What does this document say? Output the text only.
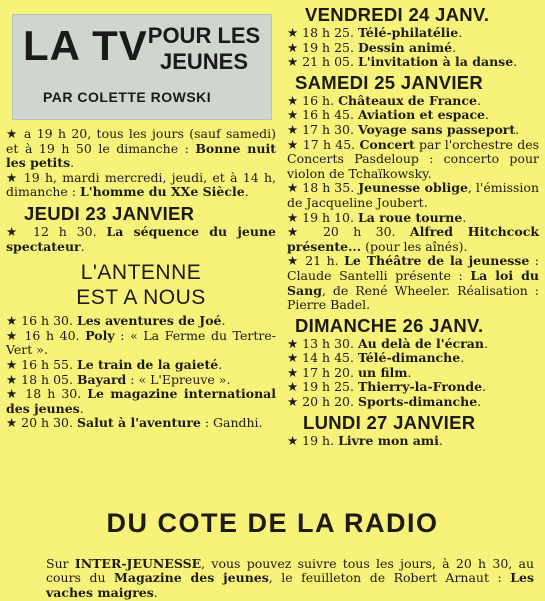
LA TV POUR LES
JEUNES
PAR COLETTE ROWSKI

★ a 19 h 20, tous les jours (sauf samedi) et à 19 h 50 le dimanche : Bonne nuit les petits.

★ 19 h, mardi mercredi, jeudi, et à 14 h, dimanche : L'homme du XXe Siècle.

JEUDI 23 JANVIER

★ 12 h 30. La séquence du jeune spectateur.

L'ANTENNE
EST A NOUS

★ 16 h 30. Les aventures de Joé.

★ 16 h 40. Poly : « La Ferme du Tertre-Vert ».

★ 16 h 55. Le train de la gaieté.

★ 18 h 05. Bayard : « L'Epreuve ».

★ 18 h 30. Le magazine international des jeunes.

★ 20 h 30. Salut à l'aventure : Gandhi.

VENDREDI 24 JANV.

★ 18 h 25. Télé-philatélie.

★ 19 h 25. Dessin animé.

★ 21 h 05. L'invitation à la danse.

SAMEDI 25 JANVIER

★ 16 h. Châteaux de France.

★ 16 h 45. Aviation et espace.

★ 17 h 30. Voyage sans passeport.

★ 17 h 45. Concert par l'orchestre des Concerts Pasdeloup : concerto pour violon de Tchaïkowsky.

★ 18 h 35. Jeunesse oblige, l'émission de Jacqueline Joubert.

★ 19 h 10. La roue tourne.

★ 20 h 30. Alfred Hitchcock présente... (pour les aînés).

★ 21 h. Le Théâtre de la jeunesse : Claude Santelli présente : La loi du Sang, de René Wheeler. Réalisation : Pierre Badel.

DIMANCHE 26 JANV.

★ 13 h 30. Au delà de l'écran.

★ 14 h 45. Télé-dimanche.

★ 17 h 20. un film.

★ 19 h 25. Thierry-la-Fronde.

★ 20 h 20. Sports-dimanche.

LUNDI 27 JANVIER

★ 19 h. Livre mon ami.

DU COTE DE LA RADIO

Sur INTER-JEUNESSE, vous pouvez suivre tous les jours, à 20 h 30, au cours du Magazine des jeunes, le feuilleton de Robert Arnaut : Les vaches maigres.
